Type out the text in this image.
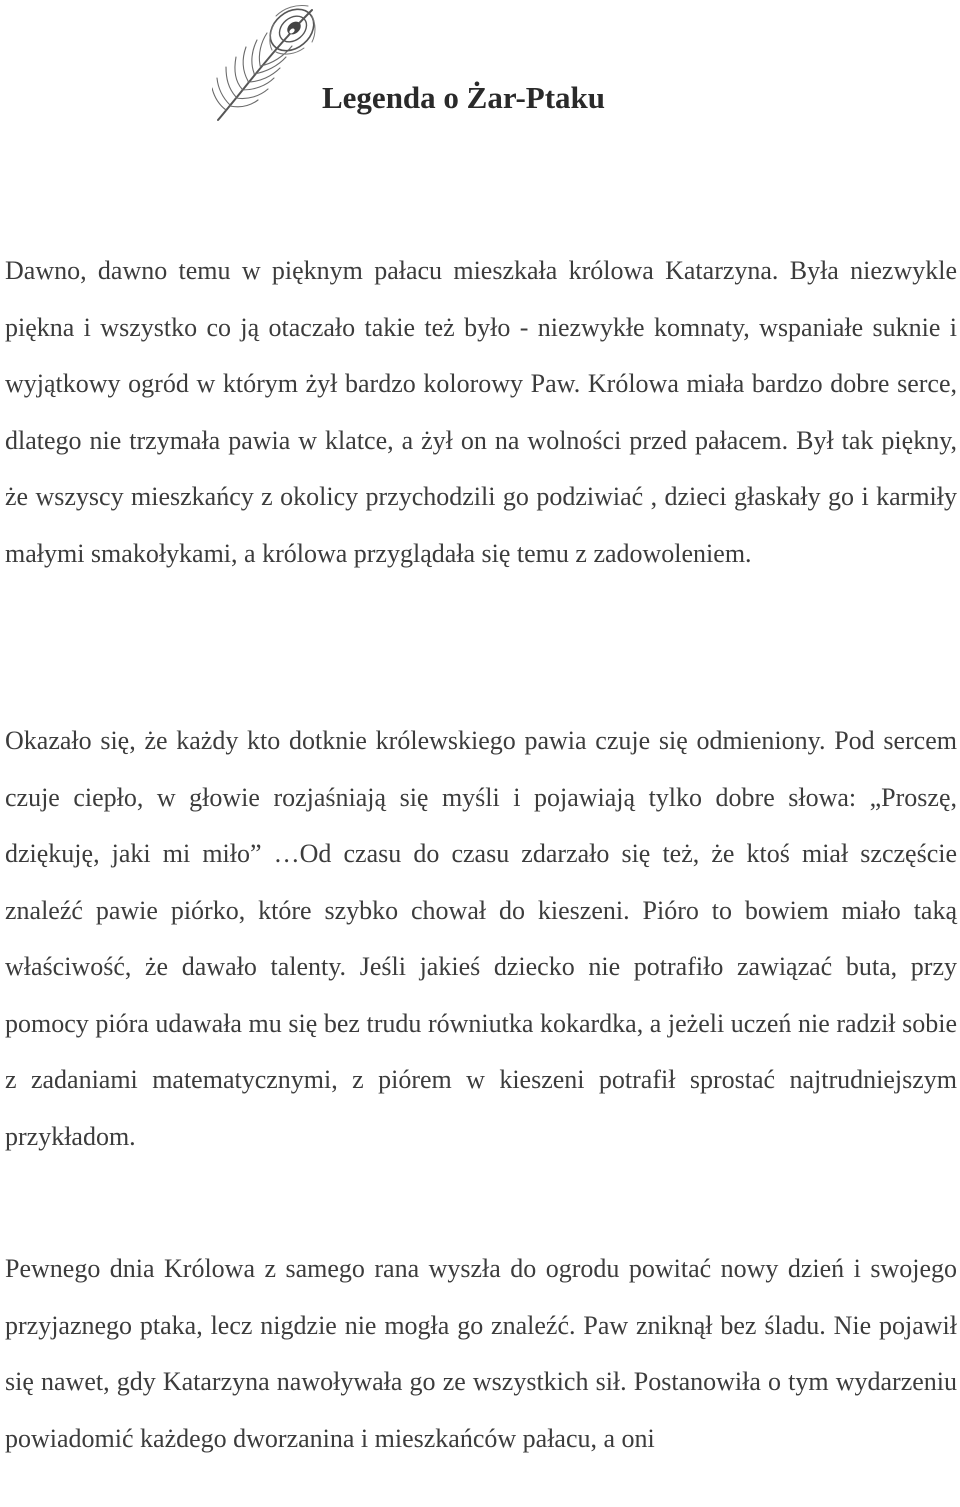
Legenda o Żar-Ptaku

Dawno, dawno temu w pięknym pałacu mieszkała królowa Katarzyna. Była niezwykle piękna i wszystko co ją otaczało takie też było - niezwykłe komnaty, wspaniałe suknie i wyjątkowy ogród w którym żył bardzo kolorowy Paw. Królowa miała bardzo dobre serce, dlatego nie trzymała pawia w klatce, a żył on na wolności przed pałacem. Był tak piękny, że wszyscy mieszkańcy z okolicy przychodzili go podziwiać , dzieci głaskały go i karmiły małymi smakołykami, a królowa przyglądała się temu z zadowoleniem.

Okazało się, że każdy kto dotknie królewskiego pawia czuje się odmieniony. Pod sercem czuje ciepło, w głowie rozjaśniają się myśli i pojawiają tylko dobre słowa: „Proszę, dziękuję, jaki mi miło” …Od czasu do czasu zdarzało się też, że ktoś miał szczęście znaleźć pawie piórko, które szybko chował do kieszeni. Pióro to bowiem miało taką właściwość, że dawało talenty. Jeśli jakieś dziecko nie potrafiło zawiązać buta, przy pomocy pióra udawała mu się bez trudu równiutka kokardka, a jeżeli uczeń nie radził sobie z zadaniami matematycznymi, z piórem w kieszeni potrafił sprostać najtrudniejszym przykładom.

Pewnego dnia Królowa z samego rana wyszła do ogrodu powitać nowy dzień i swojego przyjaznego ptaka, lecz nigdzie nie mogła go znaleźć. Paw zniknął bez śladu. Nie pojawił się nawet, gdy Katarzyna nawoływała go ze wszystkich sił. Postanowiła o tym wydarzeniu powiadomić każdego dworzanina i mieszkańców pałacu, a oni
